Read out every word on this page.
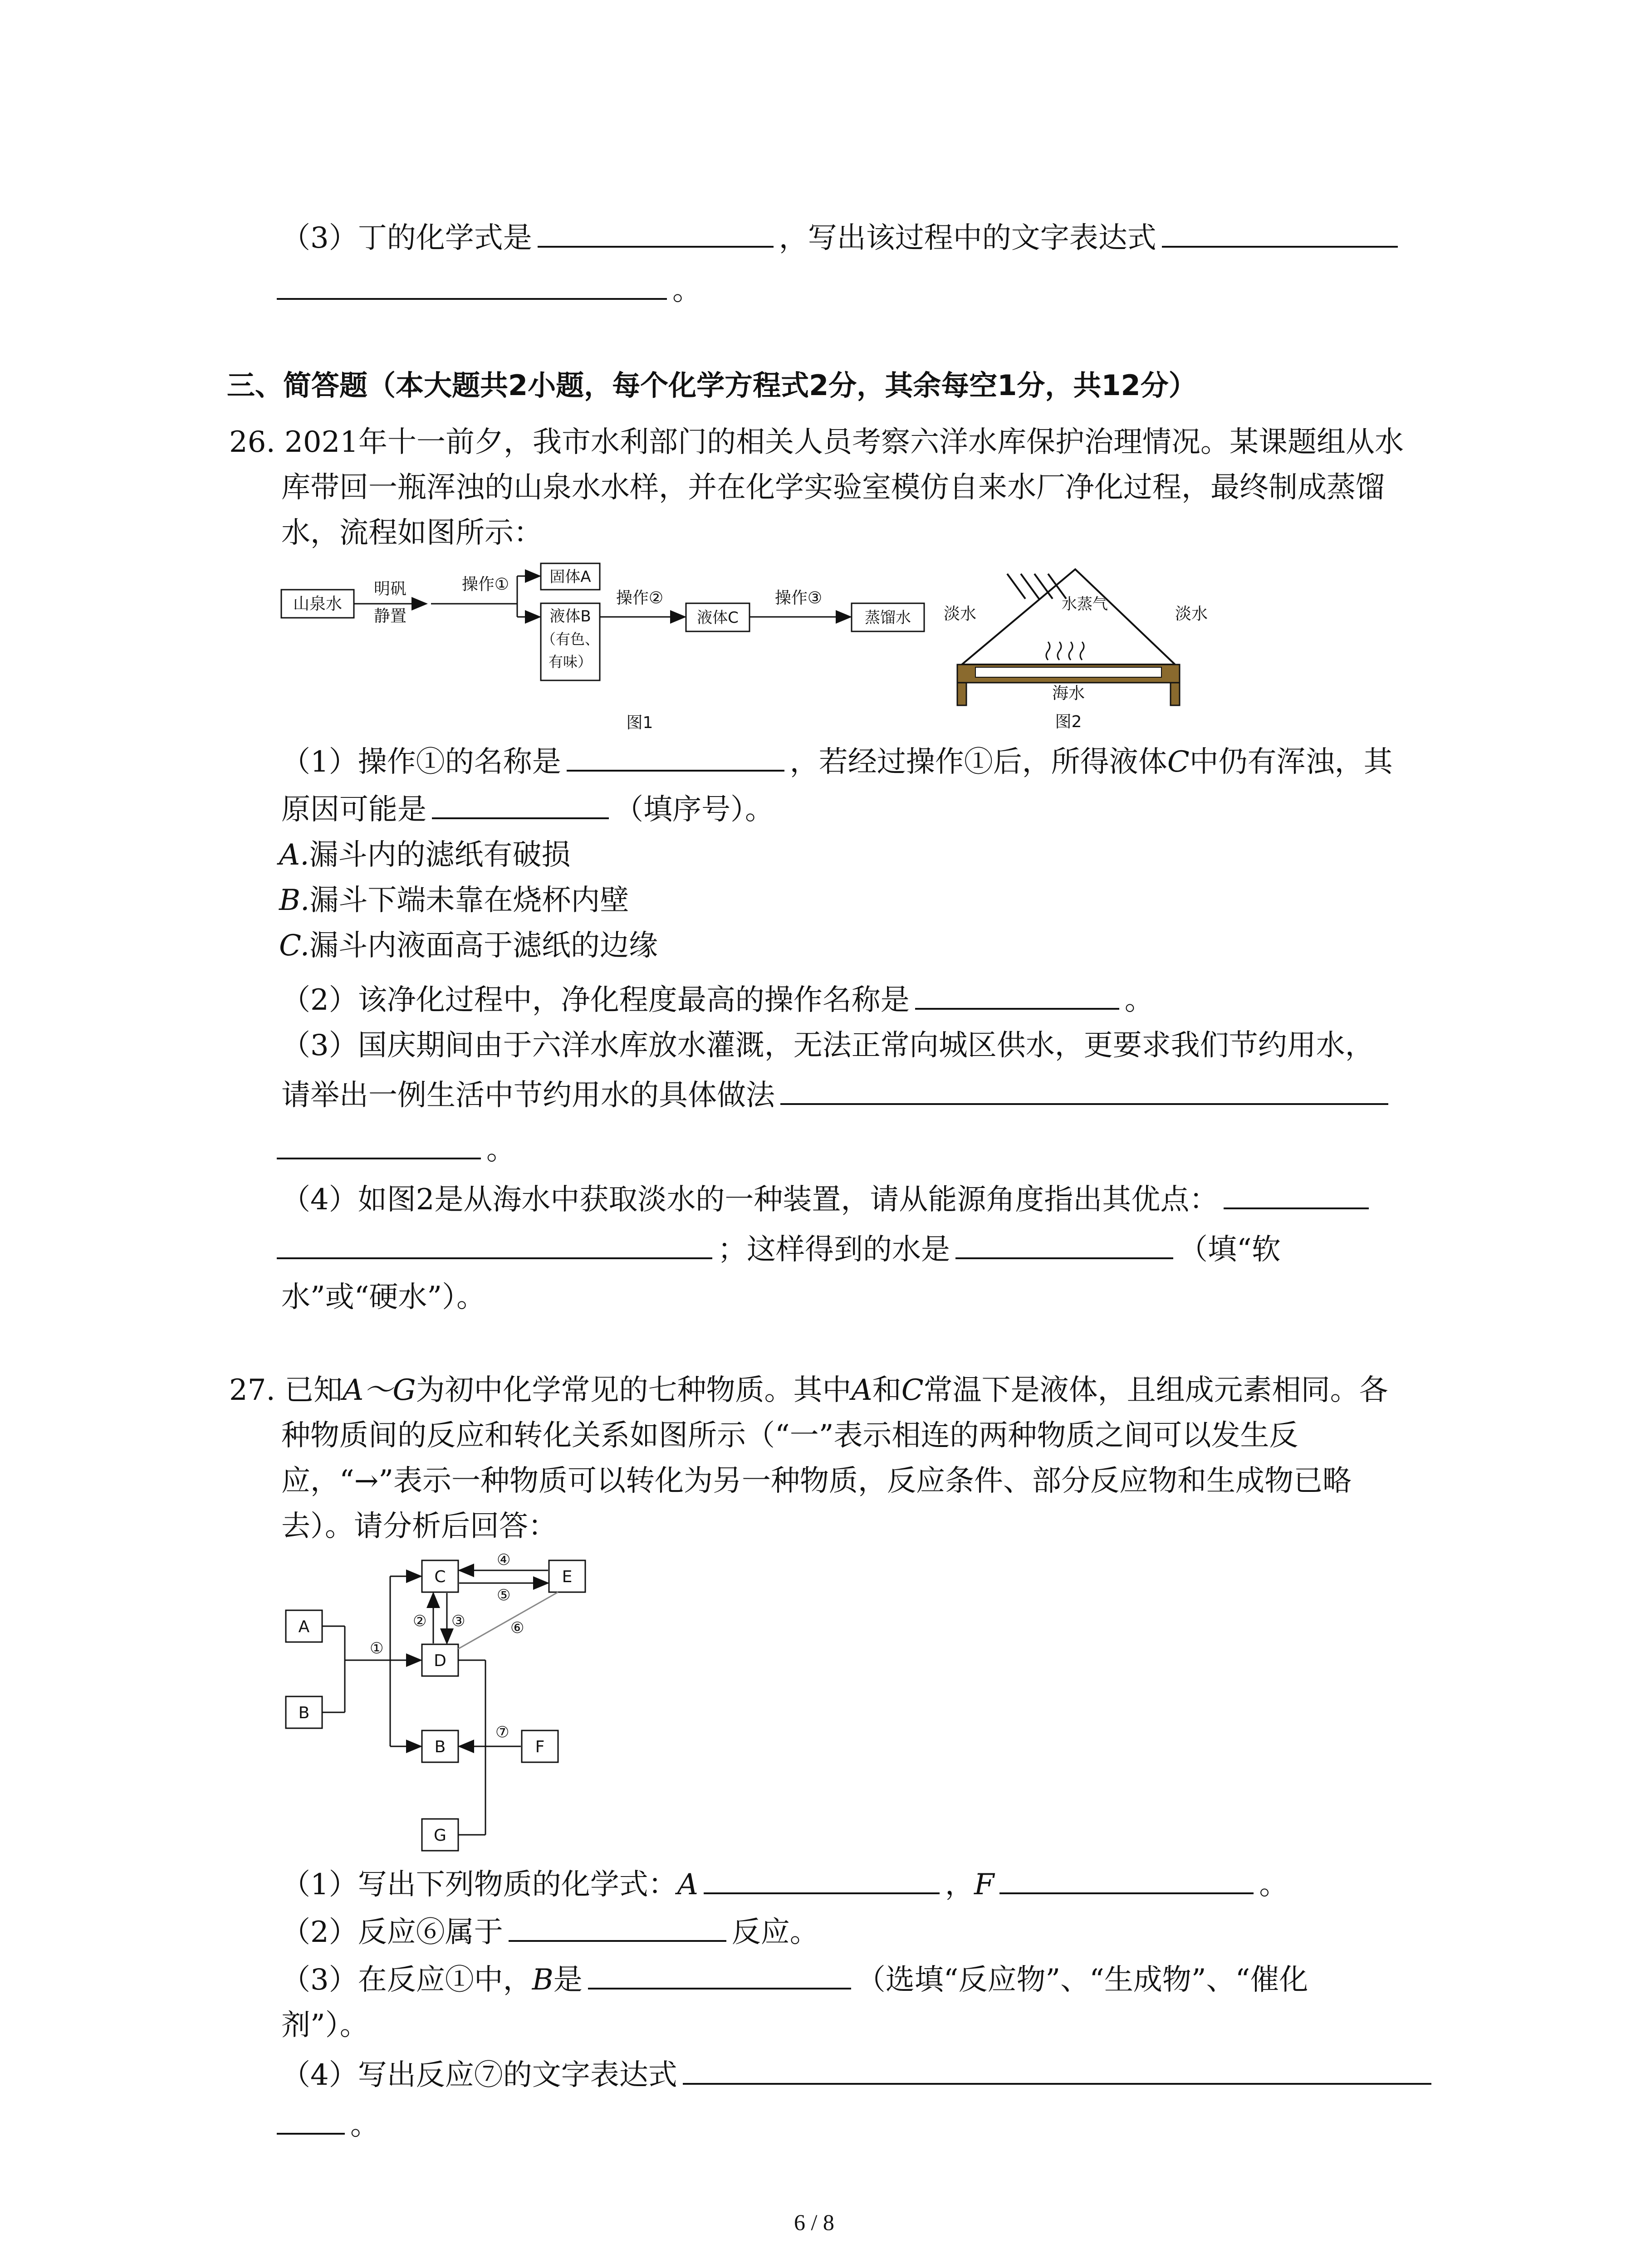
（3）丁的化学式是	，写出该过程中的文字表达式
。
三、简答题（本大题共2小题，每个化学方程式2分，其余每空1分，共12分）
26. 2021年十一前夕，我市水利部门的相关人员考察六洋水库保护治理情况。某课题组从水
库带回一瓶浑浊的山泉水水样，并在化学实验室模仿自来水厂净化过程，最终制成蒸馏
水，流程如图所示：
山泉水
明矾
静置
操作①	固体A
液体B
（有色、
有味）
操作②
液体C
操作③
蒸馏水
图1
淡水
水蒸气
淡水
海水
图2
（1）操作①的名称是	，若经过操作①后，所得液体C中仍有浑浊，其
原因可能是	（填序号）。
A.漏斗内的滤纸有破损
B.漏斗下端未靠在烧杯内壁
C.漏斗内液面高于滤纸的边缘
（2）该净化过程中，净化程度最高的操作名称是	。
（3）国庆期间由于六洋水库放水灌溉，无法正常向城区供水，更要求我们节约用水，
请举出一例生活中节约用水的具体做法
。
（4）如图2是从海水中获取淡水的一种装置，请从能源角度指出其优点：
；这样得到的水是	（填“软
水”或“硬水”）。
27. 已知A～G为初中化学常见的七种物质。其中A和C常温下是液体，且组成元素相同。各
种物质间的反应和转化关系如图所示（“一”表示相连的两种物质之间可以发生反
应，“→”表示一种物质可以转化为另一种物质，反应条件、部分反应物和生成物已略
去）。请分析后回答：
A
B
C	E
D
B	F
G
①
② ③
④
⑤
⑥
⑦
（1）写出下列物质的化学式：A	，F	。
（2）反应⑥属于	反应。
（3）在反应①中，B是	（选填“反应物”、“生成物”、“催化
剂”）。
（4）写出反应⑦的文字表达式
。
6 / 8
